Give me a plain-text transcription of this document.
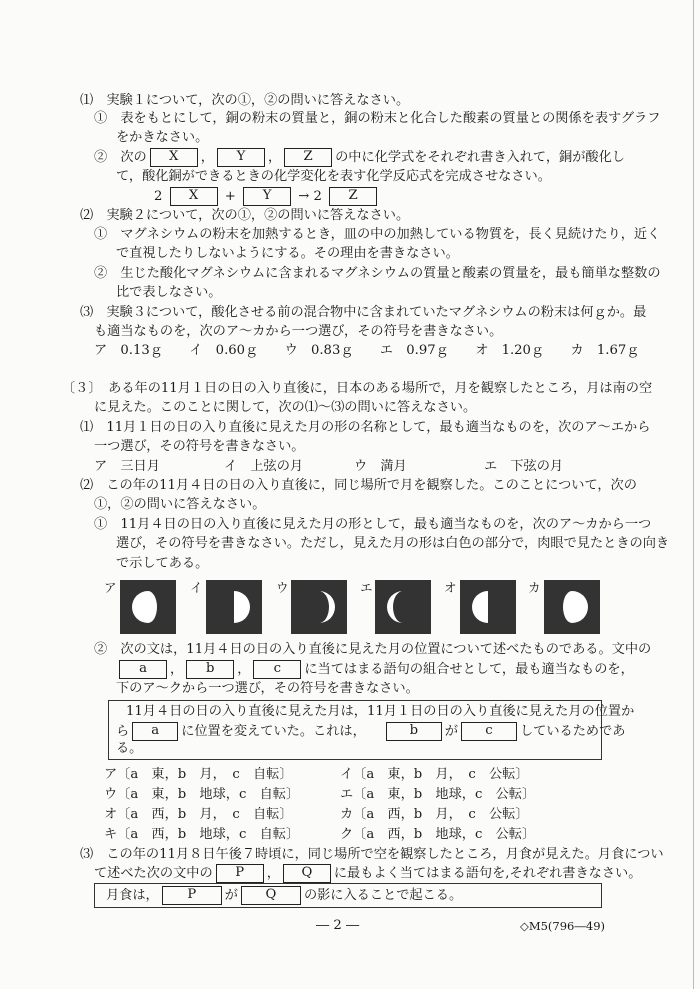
⑴　実験１について，次の①，②の問いに答えなさい。
①　表をもとにして，銅の粉末の質量と，銅の粉末と化合した酸素の質量との関係を表すグラフ
をかきなさい。
②　次の X ， Y ， Z の中に化学式をそれぞれ書き入れて，銅が酸化し
て，酸化銅ができるときの化学変化を表す化学反応式を完成させなさい。
2 X + Y → 2 Z
⑵　実験２について，次の①，②の問いに答えなさい。
①　マグネシウムの粉末を加熱するとき，皿の中の加熱している物質を，長く見続けたり，近く
で直視したりしないようにする。その理由を書きなさい。
②　生じた酸化マグネシウムに含まれるマグネシウムの質量と酸素の質量を，最も簡単な整数の
比で表しなさい。
⑶　実験３について，酸化させる前の混合物中に含まれていたマグネシウムの粉末は何ｇか。最
も適当なものを，次のア～カから一つ選び，その符号を書きなさい。
ア　0.13ｇ　　イ　0.60ｇ　　ウ　0.83ｇ　　エ　0.97ｇ　　オ　1.20ｇ　　カ　1.67ｇ
〔３〕　ある年の11月１日の日の入り直後に，日本のある場所で，月を観察したところ，月は南の空
に見えた。このことに関して，次の⑴～⑶の問いに答えなさい。
⑴　11月１日の日の入り直後に見えた月の形の名称として，最も適当なものを，次のア～エから
一つ選び，その符号を書きなさい。
ア　三日月	イ　上弦の月	ウ　満月	エ　下弦の月
⑵　この年の11月４日の日の入り直後に，同じ場所で月を観察した。このことについて，次の
①，②の問いに答えなさい。
①　11月４日の日の入り直後に見えた月の形として，最も適当なものを，次のア～カから一つ
選び，その符号を書きなさい。ただし，見えた月の形は白色の部分で，肉眼で見たときの向き
で示してある。
ア	イ	ウ	エ	オ	カ
②　次の文は，11月４日の日の入り直後に見えた月の位置について述べたものである。文中の
a ， b ， c に当てはまる語句の組合せとして，最も適当なものを，
下のア～クから一つ選び，その符号を書きなさい。
11月４日の日の入り直後に見えた月は，11月１日の日の入り直後に見えた月の位置か
ら a に位置を変えていた。これは，	b が c しているためであ
る。
ア〔a　東，b　月，　c　自転〕	イ〔a　東，b　月，　c　公転〕
ウ〔a　東，b　地球，c　自転〕	エ〔a　東，b　地球，c　公転〕
オ〔a　西，b　月，　c　自転〕	カ〔a　西，b　月，　c　公転〕
キ〔a　西，b　地球，c　自転〕	ク〔a　西，b　地球，c　公転〕
⑶　この年の11月８日午後７時頃に，同じ場所で空を観察したところ，月食が見えた。月食につい
て述べた次の文中の P ， Q に最もよく当てはまる語句を,それぞれ書きなさい。
月食は， P が Q の影に入ることで起こる。
― 2 ―	◇M5(796―49)
